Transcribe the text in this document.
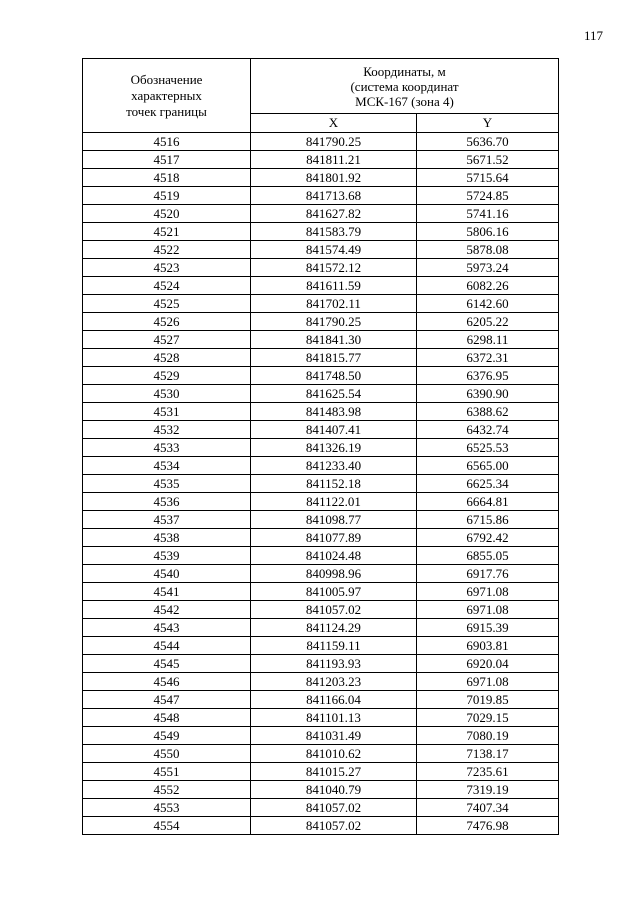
117
Обозначение
характерных
точек границы	Координаты, м
(система координат
МСК-167 (зона 4)	
	X	Y
4516	841790.25	5636.70
4517	841811.21	5671.52
4518	841801.92	5715.64
4519	841713.68	5724.85
4520	841627.82	5741.16
4521	841583.79	5806.16
4522	841574.49	5878.08
4523	841572.12	5973.24
4524	841611.59	6082.26
4525	841702.11	6142.60
4526	841790.25	6205.22
4527	841841.30	6298.11
4528	841815.77	6372.31
4529	841748.50	6376.95
4530	841625.54	6390.90
4531	841483.98	6388.62
4532	841407.41	6432.74
4533	841326.19	6525.53
4534	841233.40	6565.00
4535	841152.18	6625.34
4536	841122.01	6664.81
4537	841098.77	6715.86
4538	841077.89	6792.42
4539	841024.48	6855.05
4540	840998.96	6917.76
4541	841005.97	6971.08
4542	841057.02	6971.08
4543	841124.29	6915.39
4544	841159.11	6903.81
4545	841193.93	6920.04
4546	841203.23	6971.08
4547	841166.04	7019.85
4548	841101.13	7029.15
4549	841031.49	7080.19
4550	841010.62	7138.17
4551	841015.27	7235.61
4552	841040.79	7319.19
4553	841057.02	7407.34
4554	841057.02	7476.98
